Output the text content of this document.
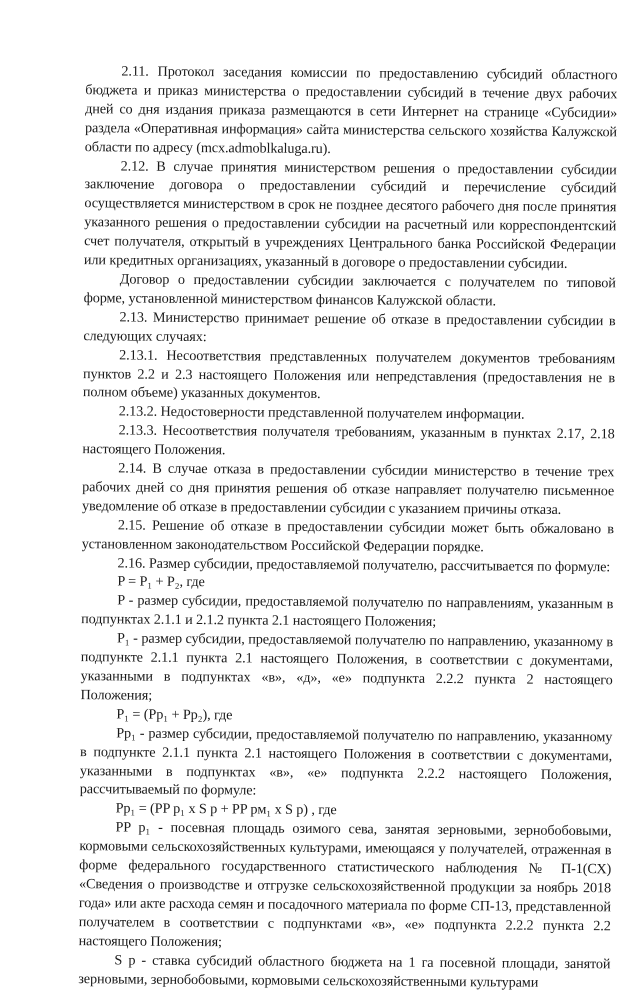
2.11. Протокол заседания комиссии по предоставлению субсидий областного бюджета и приказ министерства о предоставлении субсидий в течение двух рабочих дней со дня издания приказа размещаются в сети Интернет на странице «Субсидии» раздела «Оперативная информация» сайта министерства сельского хозяйства Калужской области по адресу (mcx.admoblkaluga.ru).

2.12. В случае принятия министерством решения о предоставлении субсидии заключение договора о предоставлении субсидий и перечисление субсидий осуществляется министерством в срок не позднее десятого рабочего дня после принятия указанного решения о предоставлении субсидии на расчетный или корреспондентский счет получателя, открытый в учреждениях Центрального банка Российской Федерации или кредитных организациях, указанный в договоре о предоставлении субсидии.

Договор о предоставлении субсидии заключается с получателем по типовой форме, установленной министерством финансов Калужской области.

2.13. Министерство принимает решение об отказе в предоставлении субсидии в следующих случаях:

2.13.1. Несоответствия представленных получателем документов требованиям пунктов 2.2 и 2.3 настоящего Положения или непредставления (предоставления не в полном объеме) указанных документов.

2.13.2. Недостоверности представленной получателем информации.

2.13.3. Несоответствия получателя требованиям, указанным в пунктах 2.17, 2.18 настоящего Положения.

2.14. В случае отказа в предоставлении субсидии министерство в течение трех рабочих дней со дня принятия решения об отказе направляет получателю письменное уведомление об отказе в предоставлении субсидии с указанием причины отказа.

2.15. Решение об отказе в предоставлении субсидии может быть обжаловано в установленном законодательством Российской Федерации порядке.

2.16. Размер субсидии, предоставляемой получателю, рассчитывается по формуле:

P = P₁ + P₂, где

P - размер субсидии, предоставляемой получателю по направлениям, указанным в подпунктах 2.1.1 и 2.1.2 пункта 2.1 настоящего Положения;

P₁ - размер субсидии, предоставляемой получателю по направлению, указанному в подпункте 2.1.1 пункта 2.1 настоящего Положения, в соответствии с документами, указанными в подпунктах «в», «д», «е» подпункта 2.2.2 пункта 2 настоящего Положения;

P₁ = (Pp₁ + Pp₂), где

Pp₁ - размер субсидии, предоставляемой получателю по направлению, указанному в подпункте 2.1.1 пункта 2.1 настоящего Положения в соответствии с документами, указанными в подпунктах «в», «е» подпункта 2.2.2 настоящего Положения, рассчитываемый по формуле:

Pp₁ = (PP p₁ x S p + PP pм₁ x S р) , где

PP p₁ - посевная площадь озимого сева, занятая зерновыми, зернобобовыми, кормовыми сельскохозяйственных культурами, имеющаяся у получателей, отраженная в форме федерального государственного статистического наблюдения № П-1(СХ) «Сведения о производстве и отгрузке сельскохозяйственной продукции за ноябрь 2018 года» или акте расхода семян и посадочного материала по форме СП-13, представленной получателем в соответствии с подпунктами «в», «е» подпункта 2.2.2 пункта 2.2 настоящего Положения;

S p - ставка субсидий областного бюджета на 1 га посевной площади, занятой зерновыми, зернобобовыми, кормовыми сельскохозяйственными культурами
